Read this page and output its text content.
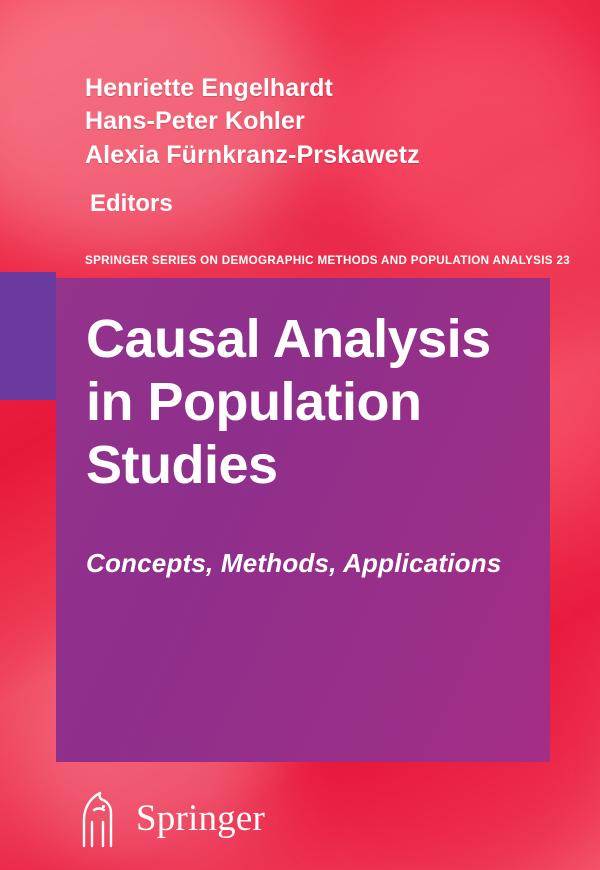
Henriette Engelhardt
Hans-Peter Kohler
Alexia Fürnkranz-Prskawetz
Editors
SPRINGER SERIES ON DEMOGRAPHIC METHODS AND POPULATION ANALYSIS 23
Causal Analysis
in Population
Studies
Concepts, Methods, Applications
Springer
